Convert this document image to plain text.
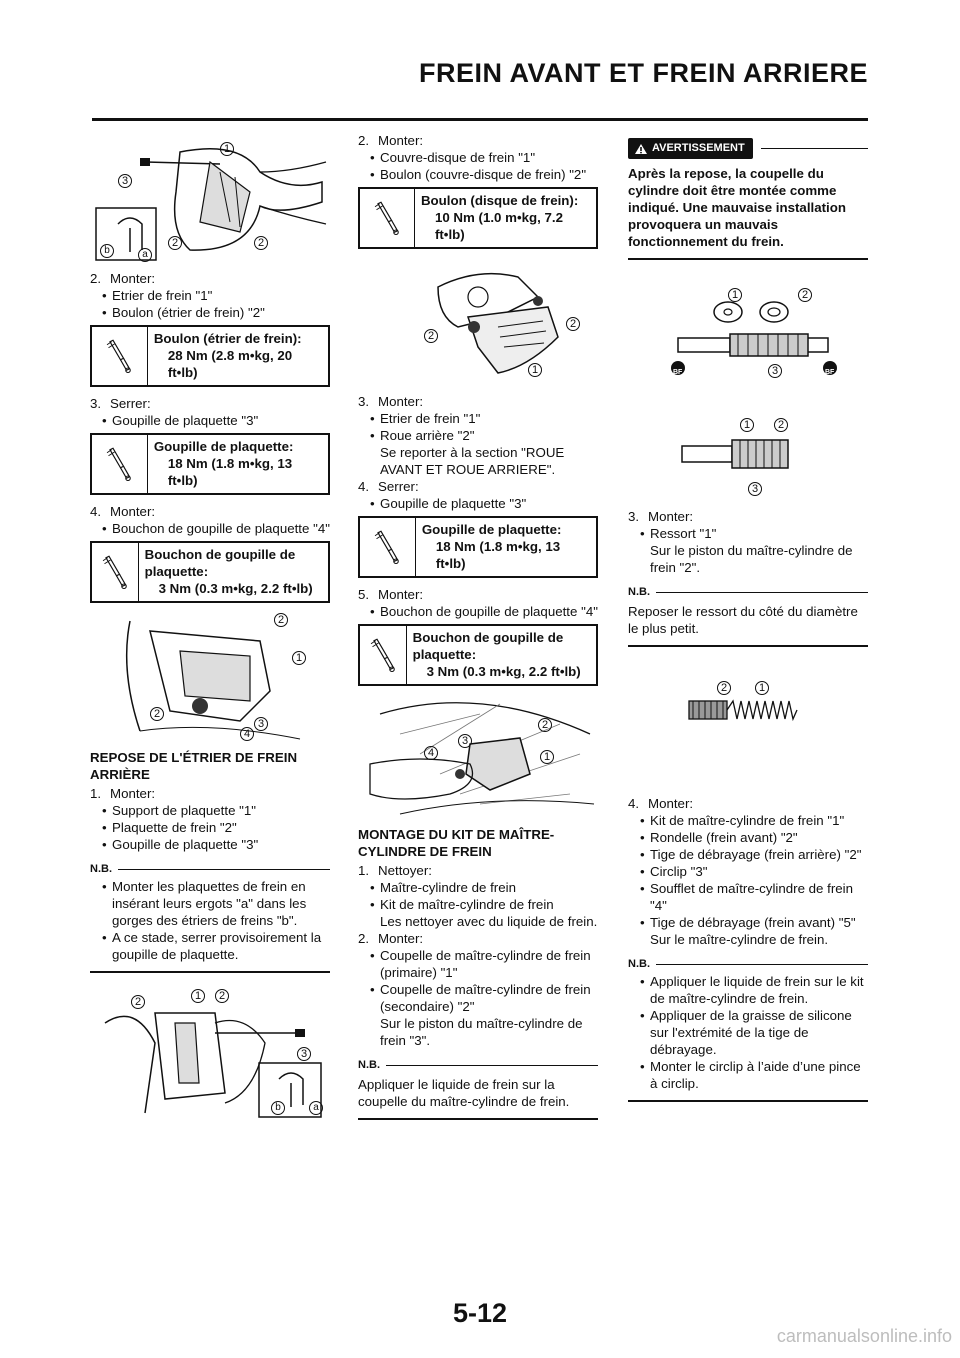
FREIN AVANT ET FREIN ARRIERE
1
3
2	2
b	a

2. Monter:

• Etrier de frein "1"

• Boulon (étrier de frein) "2"

Boulon (étrier de frein):
28 Nm (2.8 m•kg, 20 ft•lb)

3. Serrer:

• Goupille de plaquette "3"

Goupille de plaquette:
18 Nm (1.8 m•kg, 13 ft•lb)

4. Monter:

• Bouchon de goupille de plaquette "4"

Bouchon de goupille de plaquette:
3 Nm (0.3 m•kg, 2.2 ft•lb)
2
1
2
3
4
REPOSE DE L'ÉTRIER DE FREIN ARRIÈRE

1. Monter:

• Support de plaquette "1"

• Plaquette de frein "2"

• Goupille de plaquette "3"

N.B.

• Monter les plaquettes de frein en insérant leurs ergots "a" dans les gorges des étriers de freins "b".

• A ce stade, serrer provisoirement la goupille de plaquette.

2	1	2
3
b	a

2. Monter:

• Couvre-disque de frein "1"

• Boulon (couvre-disque de frein) "2"

Boulon (disque de frein):
10 Nm (1.0 m•kg, 7.2 ft•lb)
2
2
1

3. Monter:

• Etrier de frein "1"

• Roue arrière "2"

Se reporter à la section "ROUE AVANT ET ROUE ARRIERE".

4. Serrer:

• Goupille de plaquette "3"

Goupille de plaquette:
18 Nm (1.8 m•kg, 13 ft•lb)

5. Monter:

• Bouchon de goupille de plaquette "4"

Bouchon de goupille de plaquette:
3 Nm (0.3 m•kg, 2.2 ft•lb)
2
3
4	1
MONTAGE DU KIT DE MAÎTRE-CYLINDRE DE FREIN

1. Nettoyer:

• Maître-cylindre de frein

• Kit de maître-cylindre de frein

Les nettoyer avec du liquide de frein.

2. Monter:

• Coupelle de maître-cylindre de frein (primaire) "1"

• Coupelle de maître-cylindre de frein (secondaire) "2"

Sur le piston du maître-cylindre de frein "3".

N.B.

Appliquer le liquide de frein sur la coupelle du maître-cylindre de frein.

AVERTISSEMENT
Après la repose, la coupelle du cylindre doit être montée comme indiqué. Une mauvaise installation provoquera un mauvais fonctionnement du frein.
1	2
3
BF	BF
1	2
3

3. Monter:

• Ressort "1"

Sur le piston du maître-cylindre de frein "2".

N.B.

Reposer le ressort du côté du diamètre le plus petit.

2	1

4. Monter:

• Kit de maître-cylindre de frein "1"

• Rondelle (frein avant) "2"

• Tige de débrayage (frein arrière) "2"

• Circlip "3"

• Soufflet de maître-cylindre de frein "4"

• Tige de débrayage (frein avant) "5"

Sur le maître-cylindre de frein.

N.B.

• Appliquer le liquide de frein sur le kit de maître-cylindre de frein.

• Appliquer de la graisse de silicone sur l'extrémité de la tige de débrayage.

• Monter le circlip à l’aide d’une pince à circlip.

5-12
carmanualsonline.info
